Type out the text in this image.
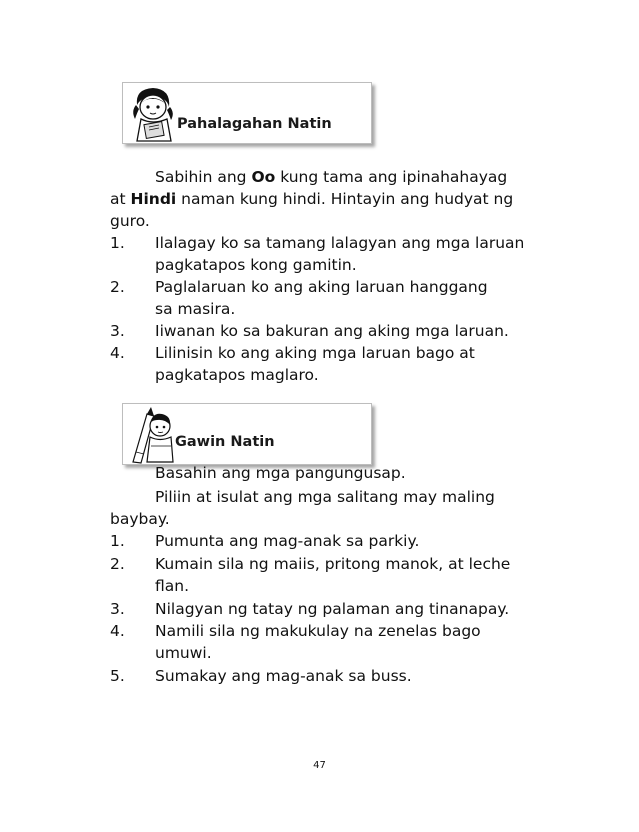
Pahalagahan Natin
Sabihin ang Oo kung tama ang ipinahahayag
at Hindi naman kung hindi. Hintayin ang hudyat ng
guro.
1. Ilalagay ko sa tamang lalagyan ang mga laruan
pagkatapos kong gamitin.
2. Paglalaruan ko ang aking laruan hanggang
sa masira.
3. Iiwanan ko sa bakuran ang aking mga laruan.
4. Lilinisin ko ang aking mga laruan bago at
pagkatapos maglaro.
Gawin Natin
Basahin ang mga pangungusap.
Piliin at isulat ang mga salitang may maling
baybay.
1. Pumunta ang mag-anak sa parkiy.
2. Kumain sila ng maiis, pritong manok, at leche
flan.
3. Nilagyan ng tatay ng palaman ang tinanapay.
4. Namili sila ng makukulay na zenelas bago
umuwi.
5. Sumakay ang mag-anak sa buss.
47
